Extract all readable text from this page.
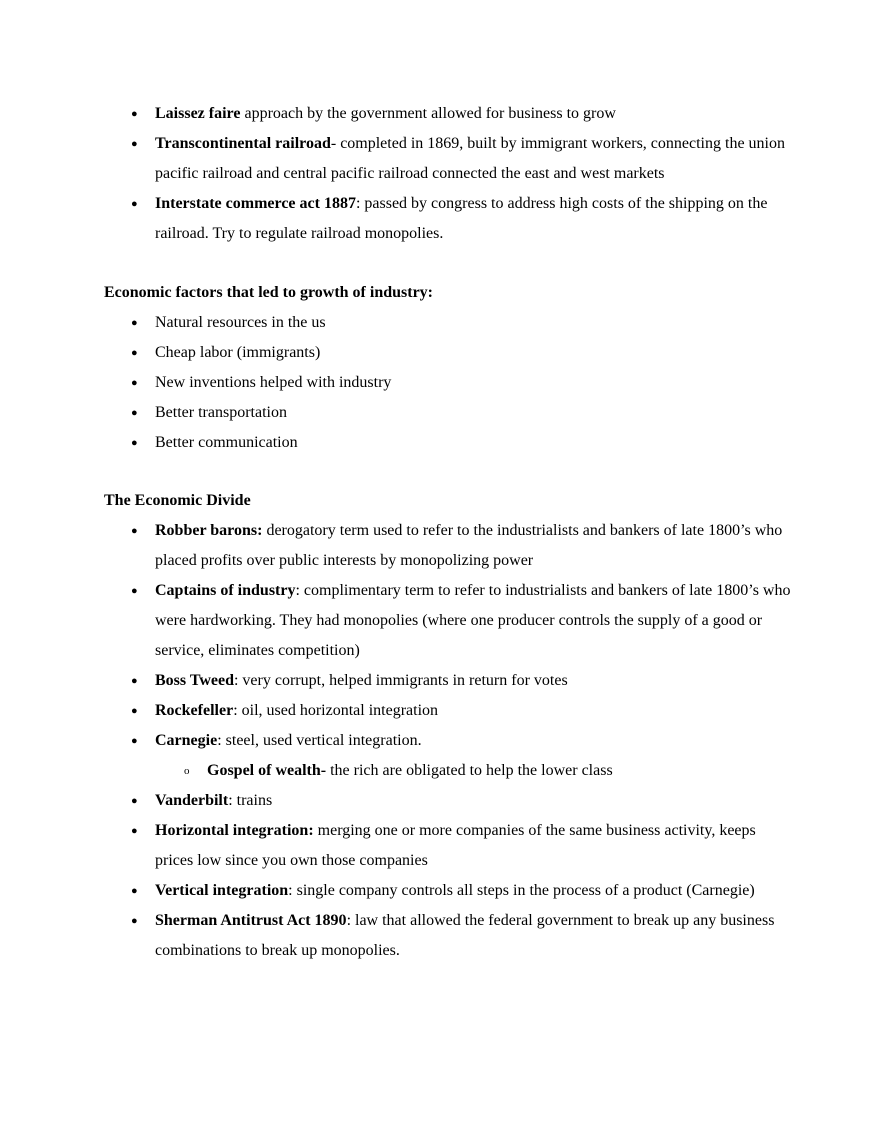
● Laissez faire approach by the government allowed for business to grow
● Transcontinental railroad- completed in 1869, built by immigrant workers, connecting the union pacific railroad and central pacific railroad connected the east and west markets
● Interstate commerce act 1887: passed by congress to address high costs of the shipping on the railroad. Try to regulate railroad monopolies.
Economic factors that led to growth of industry:
● Natural resources in the us
● Cheap labor (immigrants)
● New inventions helped with industry
● Better transportation
● Better communication
The Economic Divide
● Robber barons: derogatory term used to refer to the industrialists and bankers of late 1800’s who placed profits over public interests by monopolizing power
● Captains of industry: complimentary term to refer to industrialists and bankers of late 1800’s who were hardworking. They had monopolies (where one producer controls the supply of a good or service, eliminates competition)
● Boss Tweed: very corrupt, helped immigrants in return for votes
● Rockefeller: oil, used horizontal integration
● Carnegie: steel, used vertical integration.
o Gospel of wealth- the rich are obligated to help the lower class
● Vanderbilt: trains
● Horizontal integration: merging one or more companies of the same business activity, keeps prices low since you own those companies
● Vertical integration: single company controls all steps in the process of a product (Carnegie)
● Sherman Antitrust Act 1890: law that allowed the federal government to break up any business combinations to break up monopolies.
